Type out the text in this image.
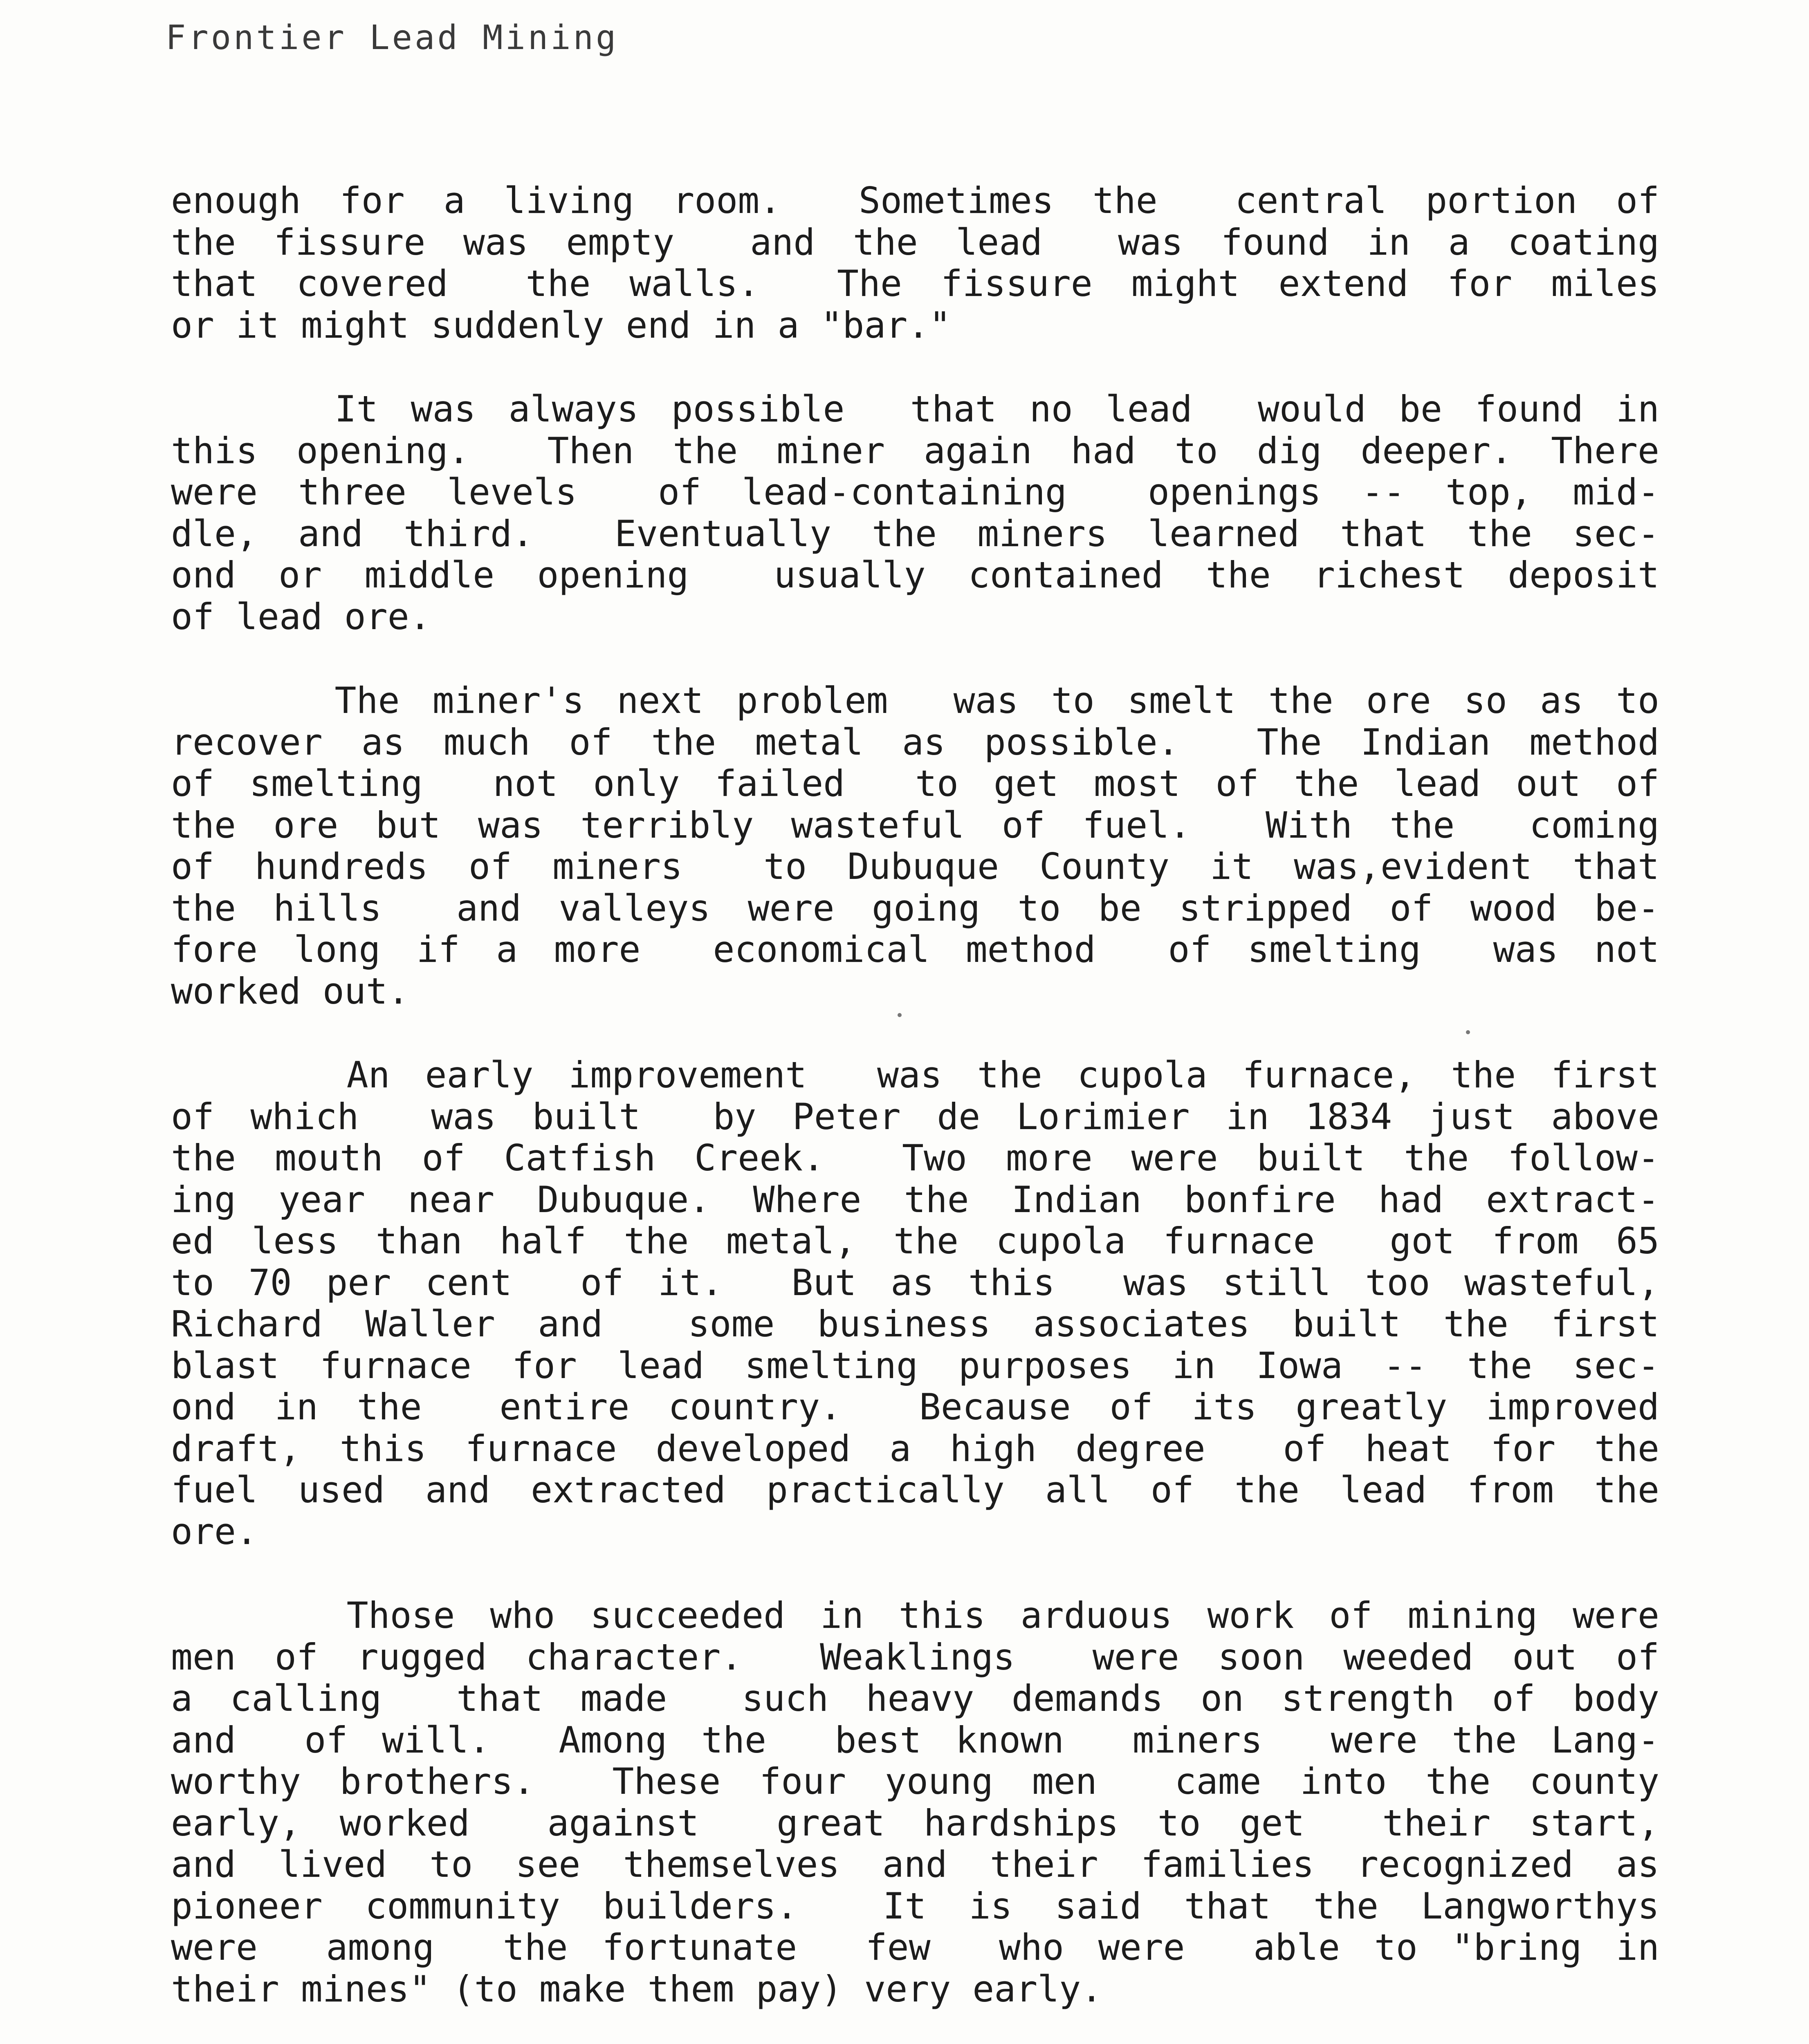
Frontier Lead Mining
enough for a living room.  Sometimes the  central portion of
the fissure was empty  and the lead  was found in a coating
that covered  the walls.  The fissure might extend for miles
or it might suddenly end in a "bar."
It was always possible  that no lead  would be found in
this opening.  Then the miner again had to dig deeper. There
were three levels  of lead-containing  openings -- top, mid-
dle, and third.  Eventually the miners learned that the sec-
ond or middle opening  usually contained the richest deposit
of lead ore.
The miner's next problem  was to smelt the ore so as to
recover as much of the metal as possible.  The Indian method
of smelting  not only failed  to get most of the lead out of
the ore but was terribly wasteful of fuel.  With the  coming
of hundreds of miners  to Dubuque County it was,evident that
the hills  and valleys were going to be stripped of wood be-
fore long if a more  economical method  of smelting  was not
worked out.
An early improvement  was the cupola furnace, the first
of which  was built  by Peter de Lorimier in 1834 just above
the mouth of Catfish Creek.  Two more were built the follow-
ing year near Dubuque. Where the Indian bonfire had extract-
ed less than half the metal, the cupola furnace  got from 65
to 70 per cent  of it.  But as this  was still too wasteful,
Richard Waller and  some business associates built the first
blast furnace for lead smelting purposes in Iowa -- the sec-
ond in the  entire country.  Because of its greatly improved
draft, this furnace developed a high degree  of heat for the
fuel used and extracted practically all of the lead from the
ore.
Those who succeeded in this arduous work of mining were
men of rugged character.  Weaklings  were soon weeded out of
a calling  that made  such heavy demands on strength of body
and  of will.  Among the  best known  miners  were the Lang-
worthy brothers.  These four young men  came into the county
early, worked  against  great hardships to get  their start,
and lived to see themselves and their families recognized as
pioneer community builders.  It is said that the Langworthys
were  among  the fortunate  few  who were  able to "bring in
their mines" (to make them pay) very early.
